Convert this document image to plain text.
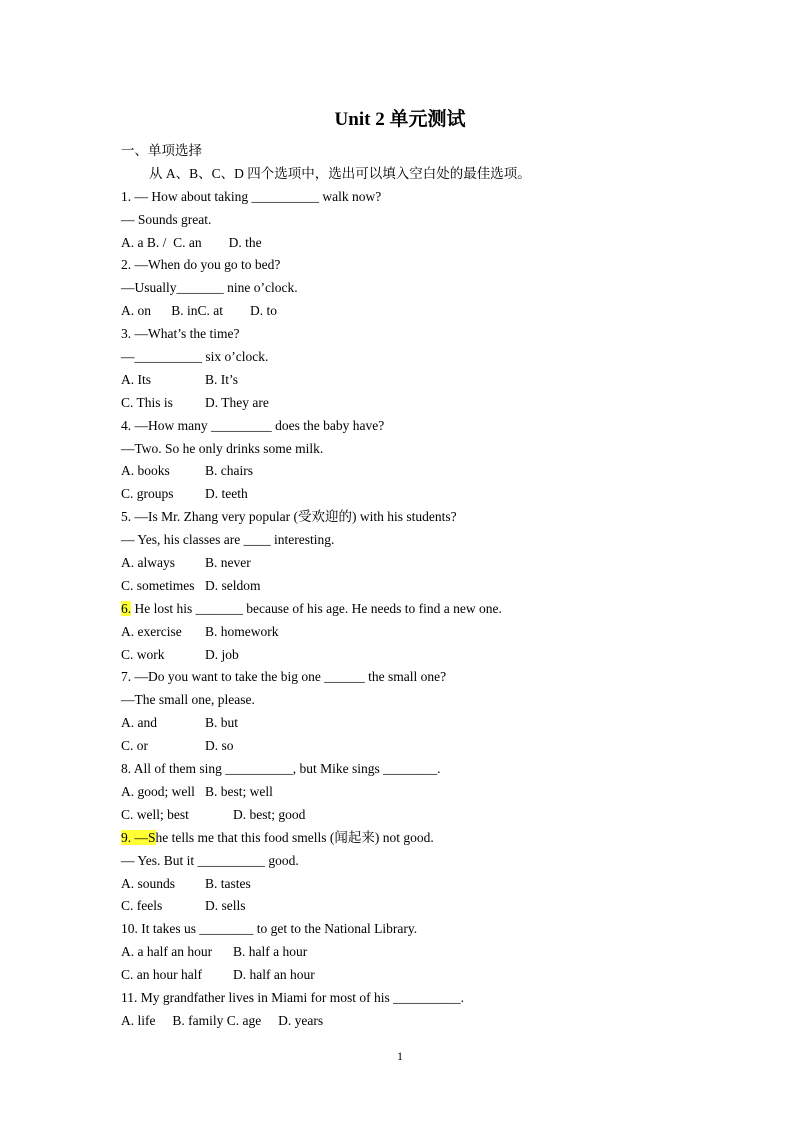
Unit 2 单元测试
一、单项选择
从 A、B、C、D 四个选项中，选出可以填入空白处的最佳选项。
1. — How about taking __________ walk now?
— Sounds great.
A. a B. / C. an D. the
2. —When do you go to bed?
—Usually_______ nine o’clock.
A. on B. inC. at D. to
3. —What’s the time?
—__________ six o’clock.
A. Its	B. It’s
C. This is D. They are
4. —How many _________ does the baby have?
—Two. So he only drinks some milk.
A. books	B. chairs
C. groups D. teeth
5. —Is Mr. Zhang very popular (受欢迎的) with his students?
— Yes, his classes are ____ interesting.
A. always B. never
C. sometimes D. seldom
6. He lost his _______ because of his age. He needs to find a new one.
A. exercise B. homework
C. work	D. job
7. —Do you want to take the big one ______ the small one?
—The small one, please.
A. and	B. but
C. or	D. so
8. All of them sing __________, but Mike sings ________.
A. good; well B. best; well
C. well; best	D. best; good
9. —She tells me that this food smells (闻起来) not good.
— Yes. But it __________ good.
A. sounds B. tastes
C. feels	D. sells
10. It takes us ________ to get to the National Library.
A. a half an hour B. half a hour
C. an hour half D. half an hour
11. My grandfather lives in Miami for most of his __________.
A. life B. family C. age D. years
1
